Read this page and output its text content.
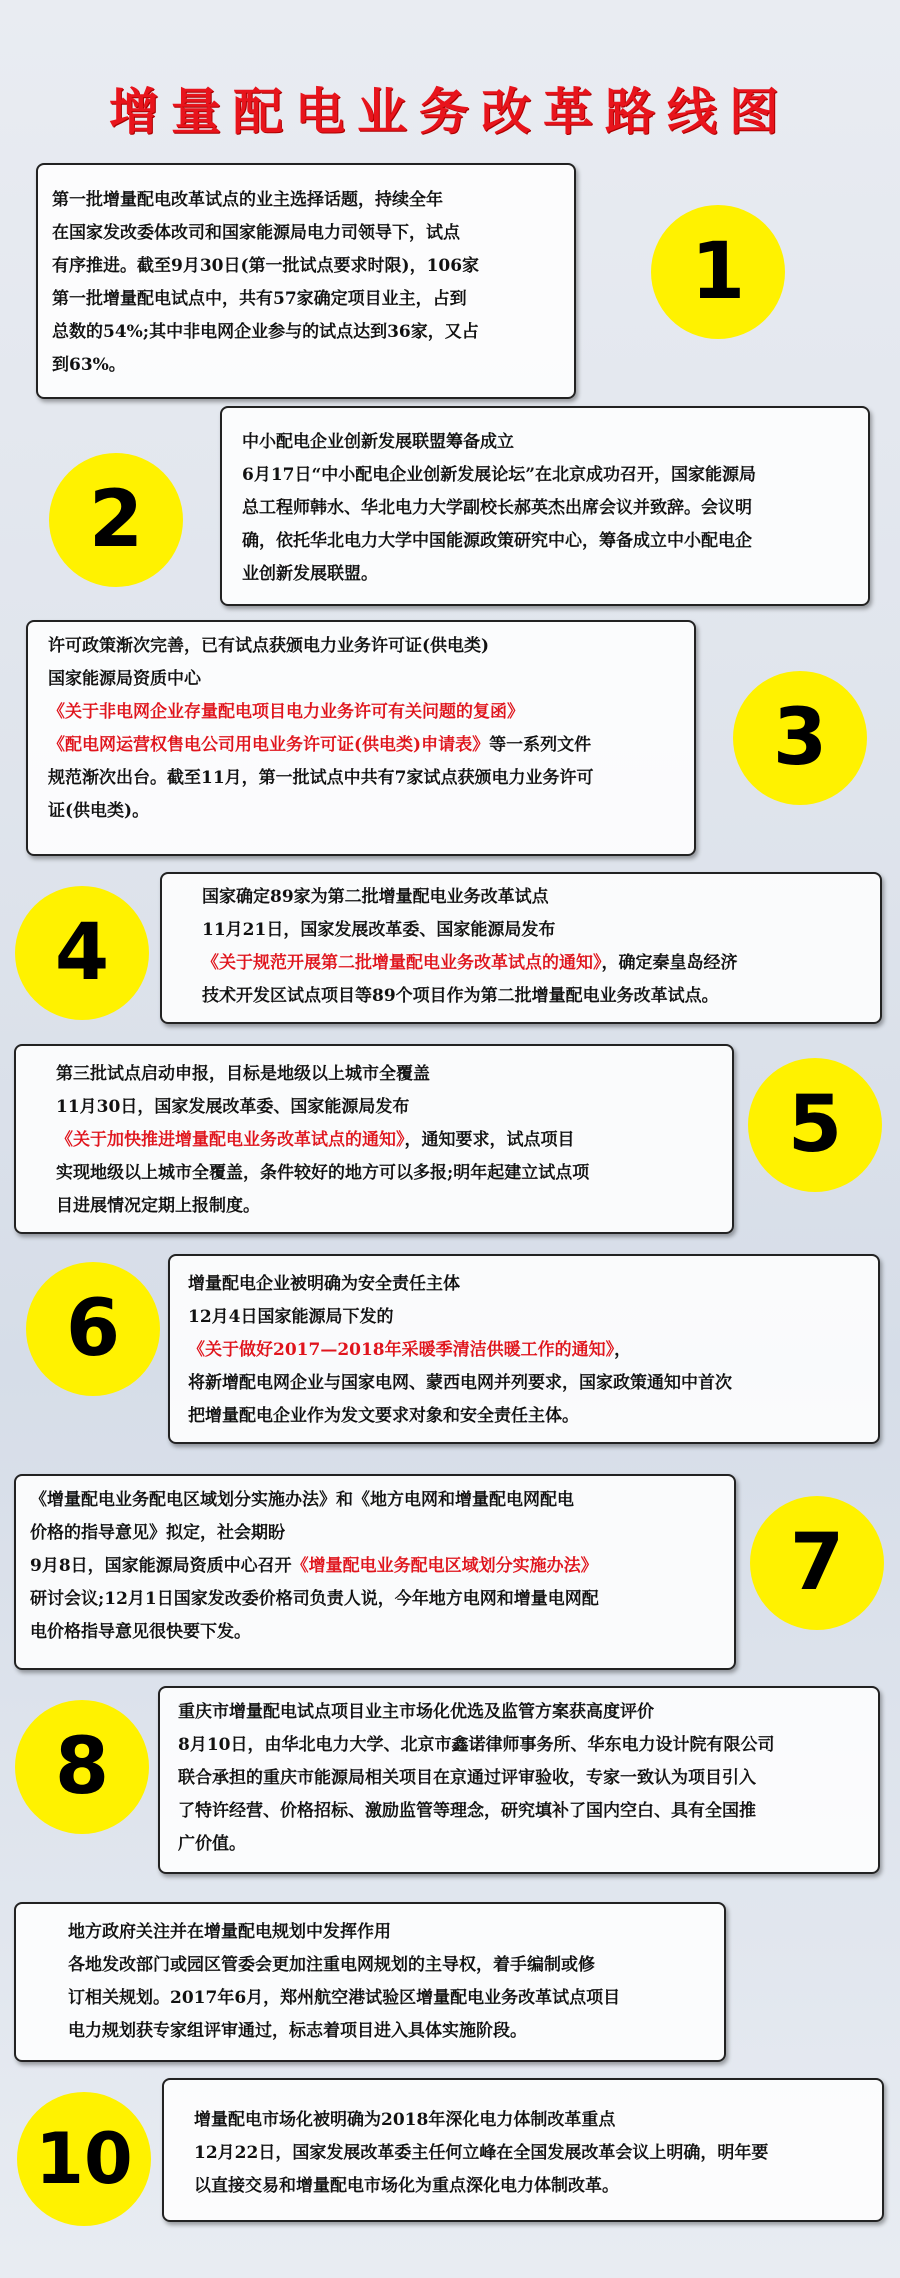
增量配电业务改革路线图

第一批增量配电改革试点的业主选择话题，持续全年

在国家发改委体改司和国家能源局电力司领导下，试点

有序推进。截至9月30日(第一批试点要求时限)，106家

第一批增量配电试点中，共有57家确定项目业主，占到

总数的54%;其中非电网企业参与的试点达到36家，又占

到63%。

1

中小配电企业创新发展联盟筹备成立

6月17日“中小配电企业创新发展论坛”在北京成功召开，国家能源局

总工程师韩水、华北电力大学副校长郝英杰出席会议并致辞。会议明

确，依托华北电力大学中国能源政策研究中心，筹备成立中小配电企

业创新发展联盟。

2

许可政策渐次完善，已有试点获颁电力业务许可证(供电类)

国家能源局资质中心

《关于非电网企业存量配电项目电力业务许可有关问题的复函》

《配电网运营权售电公司用电业务许可证(供电类)申请表》等一系列文件

规范渐次出台。截至11月，第一批试点中共有7家试点获颁电力业务许可

证(供电类)。

3

国家确定89家为第二批增量配电业务改革试点

11月21日，国家发展改革委、国家能源局发布

《关于规范开展第二批增量配电业务改革试点的通知》，确定秦皇岛经济

技术开发区试点项目等89个项目作为第二批增量配电业务改革试点。

4

第三批试点启动申报，目标是地级以上城市全覆盖

11月30日，国家发展改革委、国家能源局发布

《关于加快推进增量配电业务改革试点的通知》，通知要求，试点项目

实现地级以上城市全覆盖，条件较好的地方可以多报;明年起建立试点项

目进展情况定期上报制度。

5

增量配电企业被明确为安全责任主体

12月4日国家能源局下发的

《关于做好2017—2018年采暖季清洁供暖工作的通知》，

将新增配电网企业与国家电网、蒙西电网并列要求，国家政策通知中首次

把增量配电企业作为发文要求对象和安全责任主体。

6

《增量配电业务配电区域划分实施办法》和《地方电网和增量配电网配电

价格的指导意见》拟定，社会期盼

9月8日，国家能源局资质中心召开《增量配电业务配电区域划分实施办法》

研讨会议;12月1日国家发改委价格司负责人说，今年地方电网和增量电网配

电价格指导意见很快要下发。

7

重庆市增量配电试点项目业主市场化优选及监管方案获高度评价

8月10日，由华北电力大学、北京市鑫诺律师事务所、华东电力设计院有限公司

联合承担的重庆市能源局相关项目在京通过评审验收，专家一致认为项目引入

了特许经营、价格招标、激励监管等理念，研究填补了国内空白、具有全国推

广价值。

8

地方政府关注并在增量配电规划中发挥作用

各地发改部门或园区管委会更加注重电网规划的主导权，着手编制或修

订相关规划。2017年6月，郑州航空港试验区增量配电业务改革试点项目

电力规划获专家组评审通过，标志着项目进入具体实施阶段。

增量配电市场化被明确为2018年深化电力体制改革重点

12月22日，国家发展改革委主任何立峰在全国发展改革会议上明确，明年要

以直接交易和增量配电市场化为重点深化电力体制改革。

10
